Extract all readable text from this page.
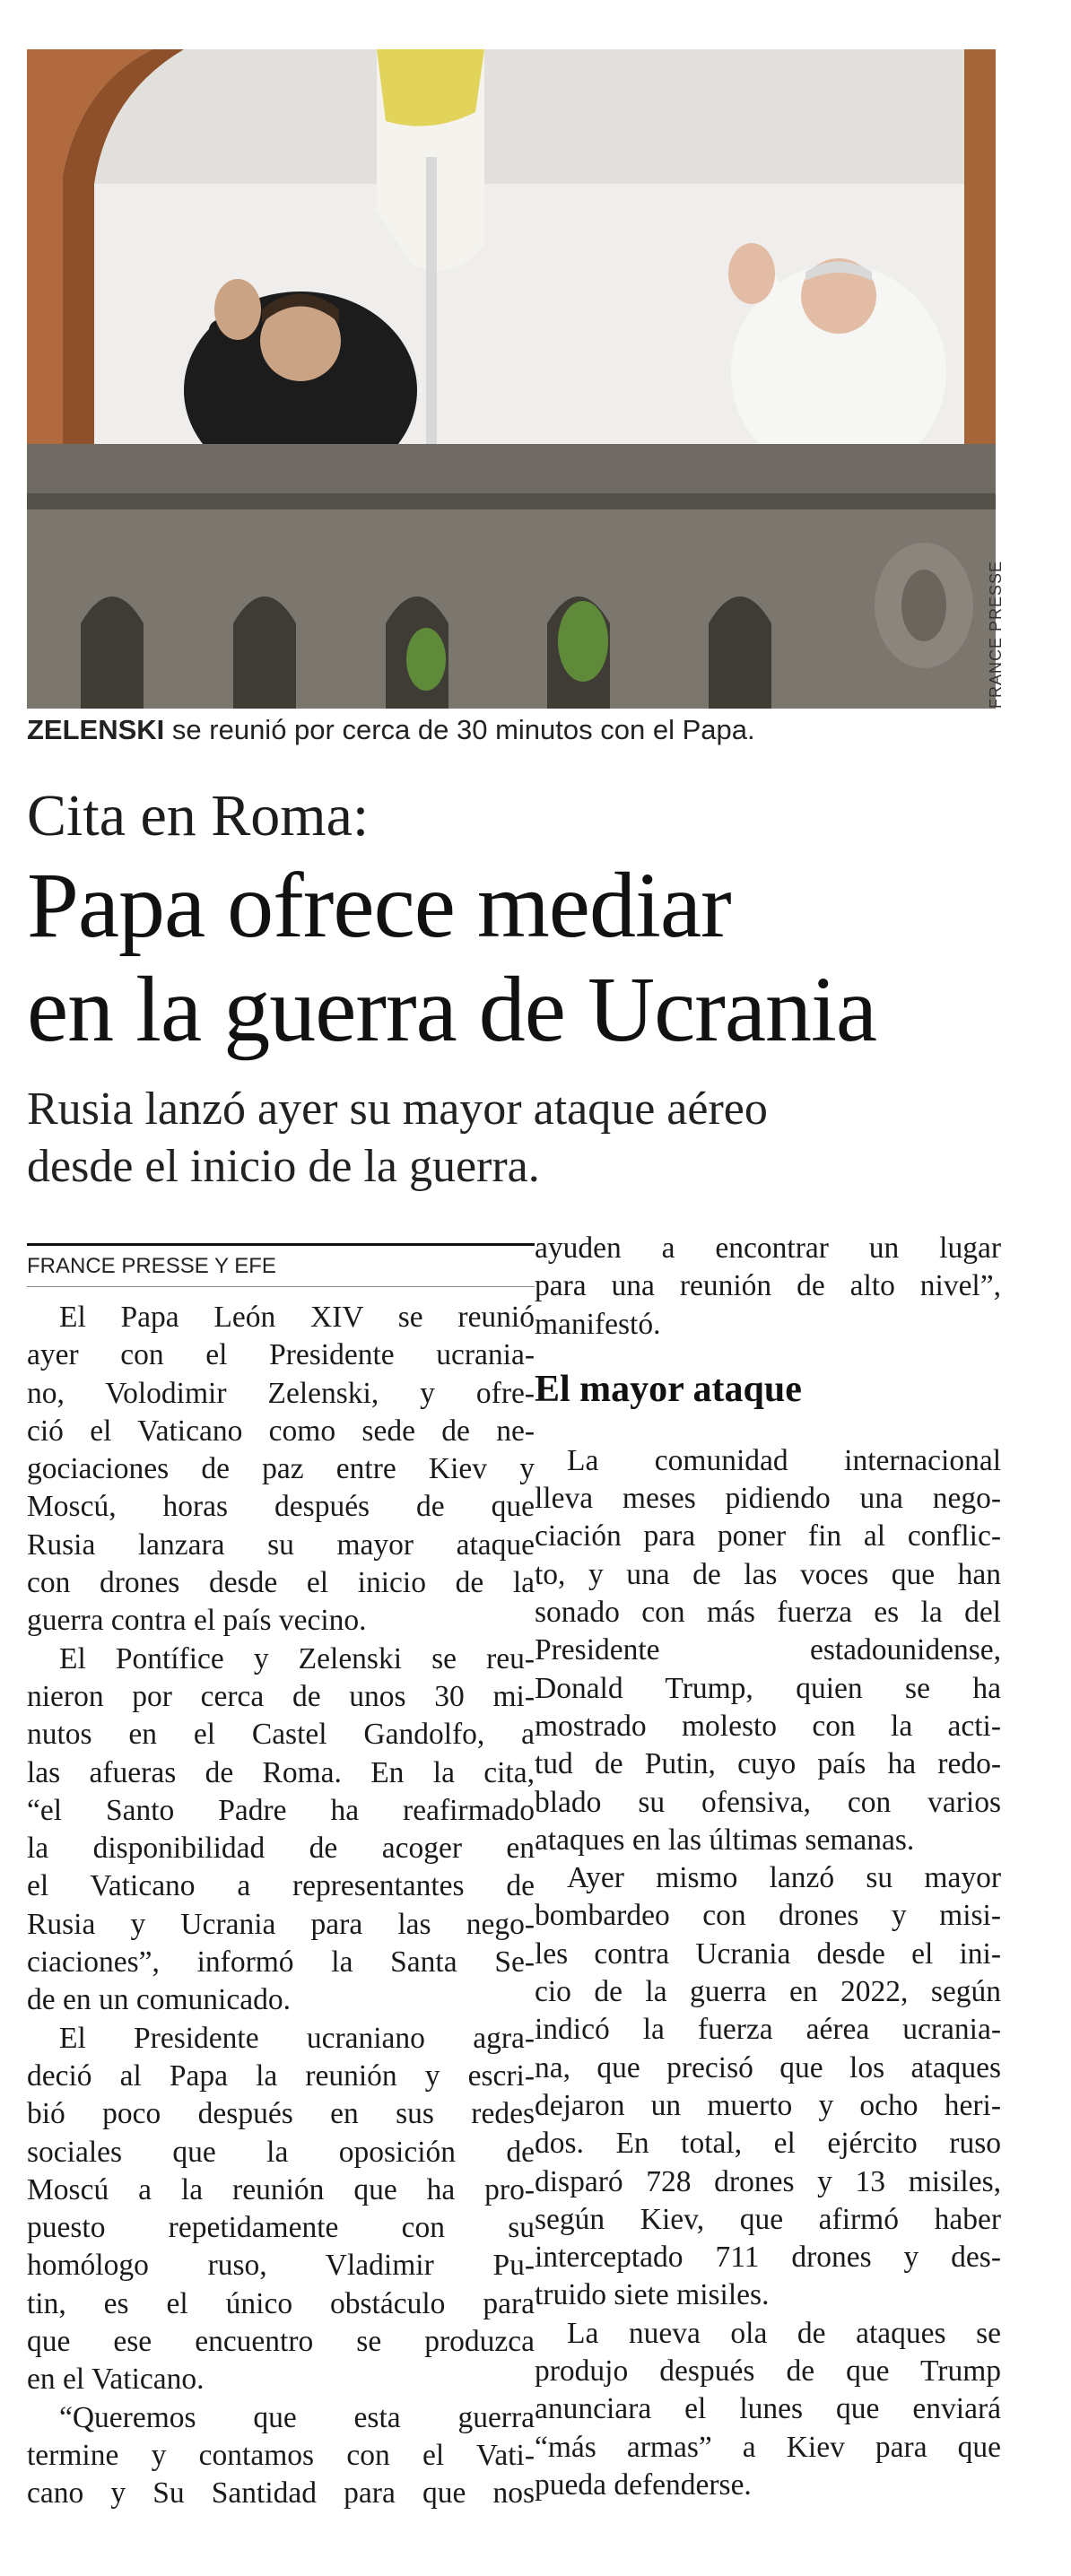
FRANCE PRESSE
ZELENSKI se reunió por cerca de 30 minutos con el Papa.
Cita en Roma:
Papa ofrece mediar
en la guerra de Ucrania
Rusia lanzó ayer su mayor ataque aéreo
desde el inicio de la guerra.
FRANCE PRESSE Y EFE
El Papa León XIV se reunió
ayer con el Presidente ucrania-
no, Volodimir Zelenski, y ofre-
ció el Vaticano como sede de ne-
gociaciones de paz entre Kiev y
Moscú, horas después de que
Rusia lanzara su mayor ataque
con drones desde el inicio de la
guerra contra el país vecino.
El Pontífice y Zelenski se reu-
nieron por cerca de unos 30 mi-
nutos en el Castel Gandolfo, a
las afueras de Roma. En la cita,
“el Santo Padre ha reafirmado
la disponibilidad de acoger en
el Vaticano a representantes de
Rusia y Ucrania para las nego-
ciaciones”, informó la Santa Se-
de en un comunicado.
El Presidente ucraniano agra-
deció al Papa la reunión y escri-
bió poco después en sus redes
sociales que la oposición de
Moscú a la reunión que ha pro-
puesto repetidamente con su
homólogo ruso, Vladimir Pu-
tin, es el único obstáculo para
que ese encuentro se produzca
en el Vaticano.
“Queremos que esta guerra
termine y contamos con el Vati-
cano y Su Santidad para que nos
ayuden a encontrar un lugar
para una reunión de alto nivel”,
manifestó.
El mayor ataque
La comunidad internacional
lleva meses pidiendo una nego-
ciación para poner fin al conflic-
to, y una de las voces que han
sonado con más fuerza es la del
Presidente estadounidense,
Donald Trump, quien se ha
mostrado molesto con la acti-
tud de Putin, cuyo país ha redo-
blado su ofensiva, con varios
ataques en las últimas semanas.
Ayer mismo lanzó su mayor
bombardeo con drones y misi-
les contra Ucrania desde el ini-
cio de la guerra en 2022, según
indicó la fuerza aérea ucrania-
na, que precisó que los ataques
dejaron un muerto y ocho heri-
dos. En total, el ejército ruso
disparó 728 drones y 13 misiles,
según Kiev, que afirmó haber
interceptado 711 drones y des-
truido siete misiles.
La nueva ola de ataques se
produjo después de que Trump
anunciara el lunes que enviará
“más armas” a Kiev para que
pueda defenderse.
